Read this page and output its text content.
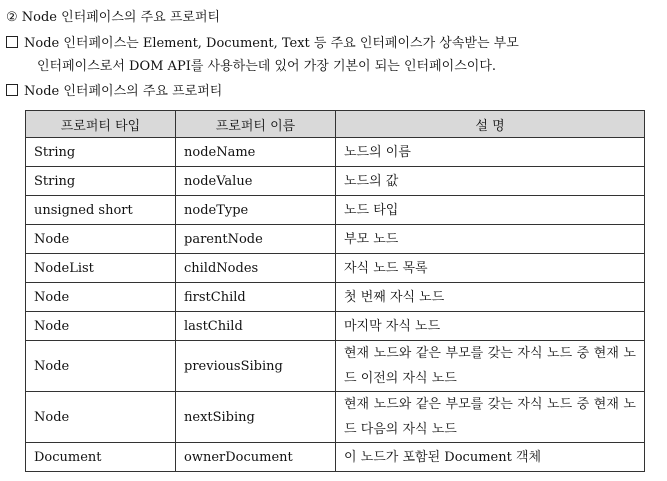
② Node 인터페이스의 주요 프로퍼티
Node 인터페이스는 Element, Document, Text 등 주요 인터페이스가 상속받는 부모
인터페이스로서 DOM API를 사용하는데 있어 가장 기본이 되는 인터페이스이다.
Node 인터페이스의 주요 프로퍼티
프로퍼티 타입	프로퍼티 이름	설 명
String	nodeName	노드의 이름
String	nodeValue	노드의 값
unsigned short	nodeType	노드 타입
Node	parentNode	부모 노드
NodeList	childNodes	자식 노드 목록
Node	firstChild	첫 번째 자식 노드
Node	lastChild	마지막 자식 노드
Node	previousSibing	현재 노드와 같은 부모를 갖는 자식 노드 중 현재 노드 이전의 자식 노드
Node	nextSibing	현재 노드와 같은 부모를 갖는 자식 노드 중 현재 노드 다음의 자식 노드
Document	ownerDocument	이 노드가 포함된 Document 객체
